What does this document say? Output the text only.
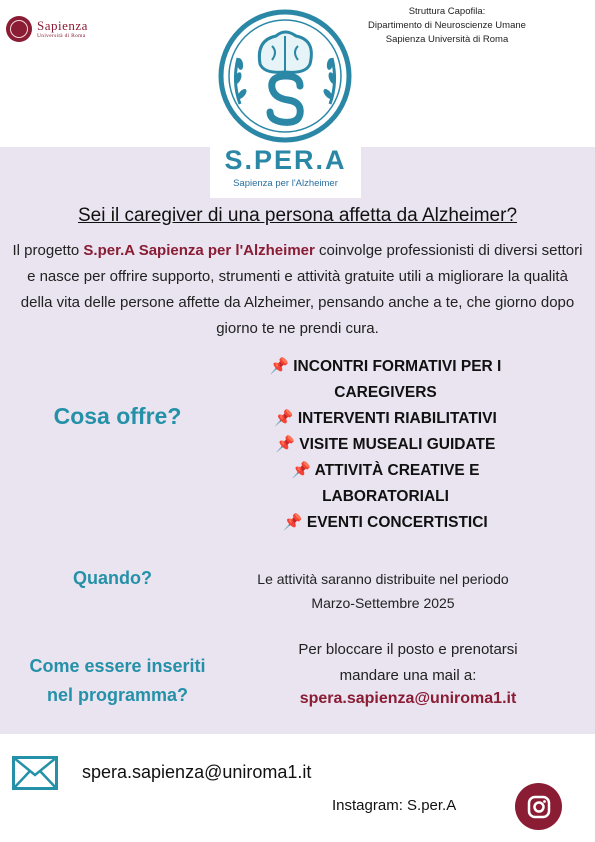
Sapienza
Università di Roma
Struttura Capofila:
Dipartimento di Neuroscienze Umane
Sapienza Università di Roma
S.PER.A
Sapienza per l'Alzheimer
Sei il caregiver di una persona affetta da Alzheimer?
Il progetto S.per.A Sapienza per l'Alzheimer coinvolge professionisti di diversi settori e nasce per offrire supporto, strumenti e attività gratuite utili a migliorare la qualità della vita delle persone affette da Alzheimer, pensando anche a te, che giorno dopo giorno te ne prendi cura.
Cosa offre?
📌 INCONTRI FORMATIVI PER I CAREGIVERS
📌 INTERVENTI RIABILITATIVI
📌 VISITE MUSEALI GUIDATE
📌 ATTIVITÀ CREATIVE E LABORATORIALI
📌 EVENTI CONCERTISTICI
Quando?	Le attività saranno distribuite nel periodo
Marzo-Settembre 2025
Come essere inseriti
nel programma?
Per bloccare il posto e prenotarsi
mandare una mail a:
spera.sapienza@uniroma1.it
spera.sapienza@uniroma1.it
Instagram: S.per.A
